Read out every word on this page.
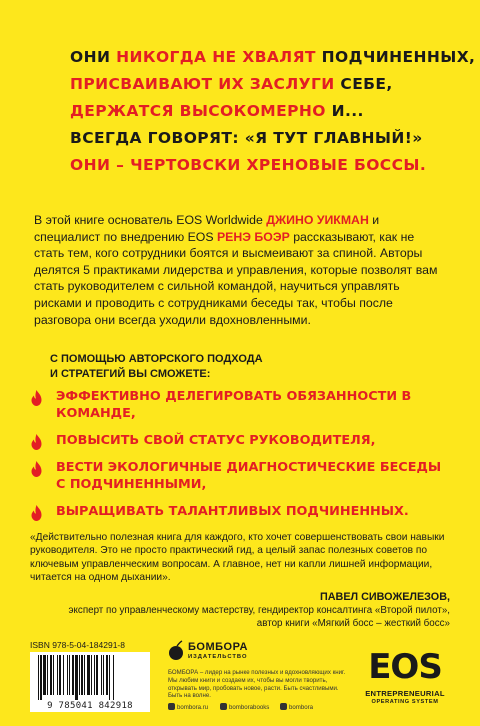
ОНИ НИКОГДА НЕ ХВАЛЯТ ПОДЧИНЕННЫХ,
ПРИСВАИВАЮТ ИХ ЗАСЛУГИ СЕБЕ,
ДЕРЖАТСЯ ВЫСОКОМЕРНО И...
ВСЕГДА ГОВОРЯТ: «Я ТУТ ГЛАВНЫЙ!»
ОНИ – ЧЕРТОВСКИ ХРЕНОВЫЕ БОССЫ.
В этой книге основатель EOS Worldwide ДЖИНО УИКМАН и специалист по внедрению EOS РЕНЭ БОЭР рассказывают, как не стать тем, кого сотрудники боятся и высмеивают за спиной. Авторы делятся 5 практиками лидерства и управления, которые позволят вам стать руководителем с сильной командой, научиться управлять рисками и проводить с сотрудниками беседы так, чтобы после разговора они всегда уходили вдохновленными.
С ПОМОЩЬЮ АВТОРСКОГО ПОДХОДА
И СТРАТЕГИЙ ВЫ СМОЖЕТЕ:
ЭФФЕКТИВНО ДЕЛЕГИРОВАТЬ ОБЯЗАННОСТИ В КОМАНДЕ,
ПОВЫСИТЬ СВОЙ СТАТУС РУКОВОДИТЕЛЯ,
ВЕСТИ ЭКОЛОГИЧНЫЕ ДИАГНОСТИЧЕСКИЕ БЕСЕДЫ С ПОДЧИНЕННЫМИ,
ВЫРАЩИВАТЬ ТАЛАНТЛИВЫХ ПОДЧИНЕННЫХ.
«Действительно полезная книга для каждого, кто хочет совершенствовать свои навыки руководителя. Это не просто практический гид, а целый запас полезных советов по ключевым управленческим вопросам. А главное, нет ни капли лишней информации, читается на одном дыхании».
ПАВЕЛ СИВОЖЕЛЕЗОВ,
эксперт по управленческому мастерству, гендиректор консалтинга «Второй пилот»,
автор книги «Мягкий босс – жесткий босс»
ISBN 978-5-04-184291-8
9 785041 842918
БОМБОРА
ИЗДАТЕЛЬСТВО
БОМБОРА – лидер на рынке полезных и вдохновляющих книг. Мы любим книги и создаем их, чтобы вы могли творить, открывать мир, пробовать новое, расти. Быть счастливыми. Быть на волне.
bombora.ru	bomborabooks	bombora
EOS
ENTREPRENEURIAL
OPERATING SYSTEM
